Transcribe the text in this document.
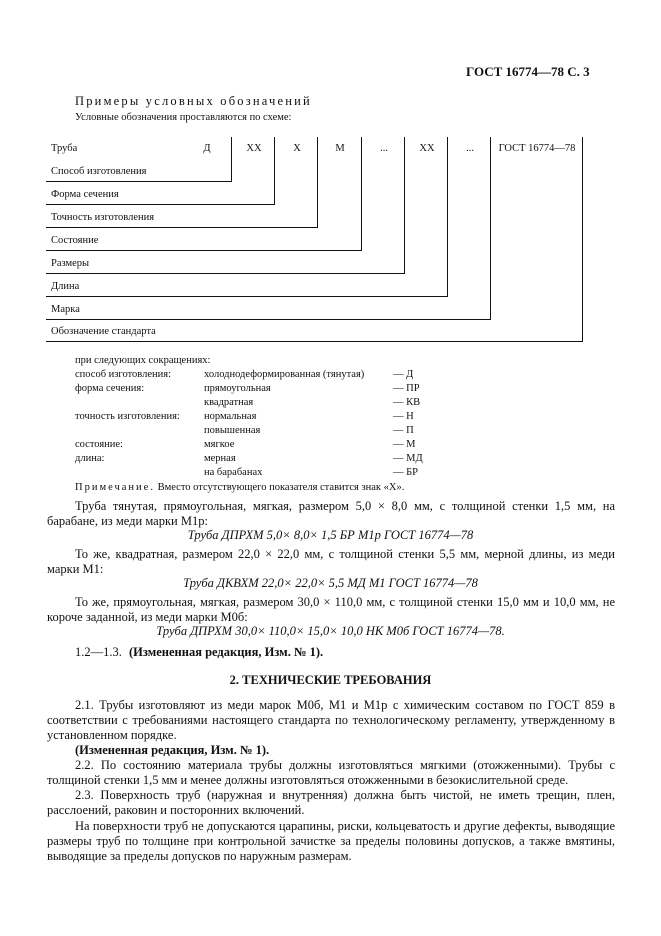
ГОСТ 16774—78 С. 3
Примеры условных обозначений
Условные обозначения проставляются по схеме:
Труба	Д	ХХ	Х	М	...	ХХ	...	ГОСТ 16774—78
Способ изготовления
Форма сечения
Точность изготовления
Состояние
Размеры
Длина
Марка
Обозначение стандарта
при следующих сокращениях:
способ изготовления:	холоднодеформированная (тянутая)	— Д
форма сечения:	прямоугольная	— ПР
квадратная	— КВ
точность изготовления: нормальная	— Н
повышенная	— П
состояние:	мягкое	— М
длина:	мерная	— МД
на барабанах	— БР
Примечание. Вместо отсутствующего показателя ставится знак «Х».
Труба тянутая, прямоугольная, мягкая, размером 5,0 × 8,0 мм, с толщиной стенки 1,5 мм, на барабане, из меди марки М1р:
Труба ДПРХМ 5,0× 8,0× 1,5 БР М1р ГОСТ 16774—78
То же, квадратная, размером 22,0 × 22,0 мм, с толщиной стенки 5,5 мм, мерной длины, из меди марки М1:
Труба ДКВХМ 22,0× 22,0× 5,5 МД М1 ГОСТ 16774—78
То же, прямоугольная, мягкая, размером 30,0 × 110,0 мм, с толщиной стенки 15,0 мм и 10,0 мм, не короче заданной, из меди марки М0б:
Труба ДПРХМ 30,0× 110,0× 15,0× 10,0 НК М0б ГОСТ 16774—78.
1.2—1.3. (Измененная редакция, Изм. № 1).
2. ТЕХНИЧЕСКИЕ ТРЕБОВАНИЯ
2.1. Трубы изготовляют из меди марок М0б, М1 и М1р с химическим составом по ГОСТ 859 в соответствии с требованиями настоящего стандарта по технологическому регламенту, утвержденному в установленном порядке.
(Измененная редакция, Изм. № 1).
2.2. По состоянию материала трубы должны изготовляться мягкими (отожженными). Трубы с толщиной стенки 1,5 мм и менее должны изготовляться отожженными в безокислительной среде.
2.3. Поверхность труб (наружная и внутренняя) должна быть чистой, не иметь трещин, плен, расслоений, раковин и посторонних включений.
На поверхности труб не допускаются царапины, риски, кольцеватость и другие дефекты, выводящие размеры труб по толщине при контрольной зачистке за пределы половины допусков, а также вмятины, выводящие за пределы допусков по наружным размерам.
